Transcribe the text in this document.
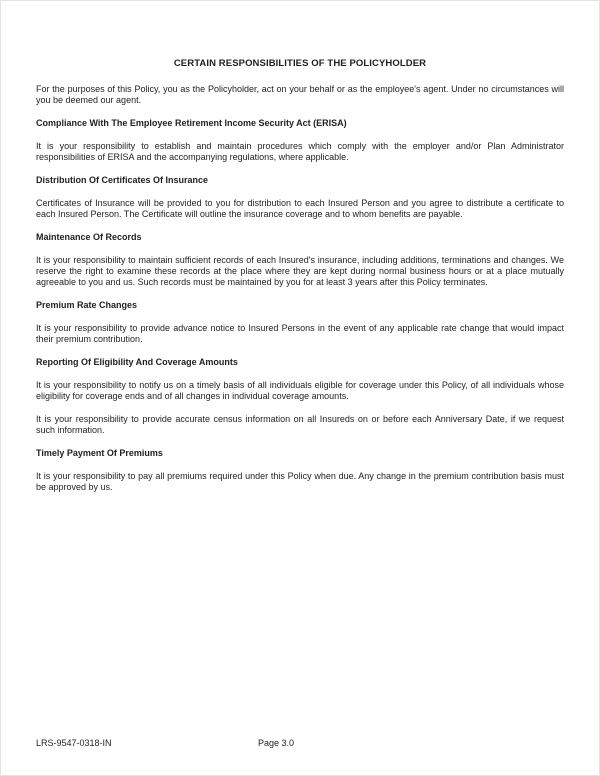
CERTAIN RESPONSIBILITIES OF THE POLICYHOLDER

For the purposes of this Policy, you as the Policyholder, act on your behalf or as the employee's agent. Under no circumstances will you be deemed our agent.

Compliance With The Employee Retirement Income Security Act (ERISA)

It is your responsibility to establish and maintain procedures which comply with the employer and/or Plan Administrator responsibilities of ERISA and the accompanying regulations, where applicable.

Distribution Of Certificates Of Insurance

Certificates of Insurance will be provided to you for distribution to each Insured Person and you agree to distribute a certificate to each Insured Person. The Certificate will outline the insurance coverage and to whom benefits are payable.

Maintenance Of Records

It is your responsibility to maintain sufficient records of each Insured's insurance, including additions, terminations and changes. We reserve the right to examine these records at the place where they are kept during normal business hours or at a place mutually agreeable to you and us. Such records must be maintained by you for at least 3 years after this Policy terminates.

Premium Rate Changes

It is your responsibility to provide advance notice to Insured Persons in the event of any applicable rate change that would impact their premium contribution.

Reporting Of Eligibility And Coverage Amounts

It is your responsibility to notify us on a timely basis of all individuals eligible for coverage under this Policy, of all individuals whose eligibility for coverage ends and of all changes in individual coverage amounts.

It is your responsibility to provide accurate census information on all Insureds on or before each Anniversary Date, if we request such information.

Timely Payment Of Premiums

It is your responsibility to pay all premiums required under this Policy when due. Any change in the premium contribution basis must be approved by us.

LRS-9547-0318-IN	Page 3.0
